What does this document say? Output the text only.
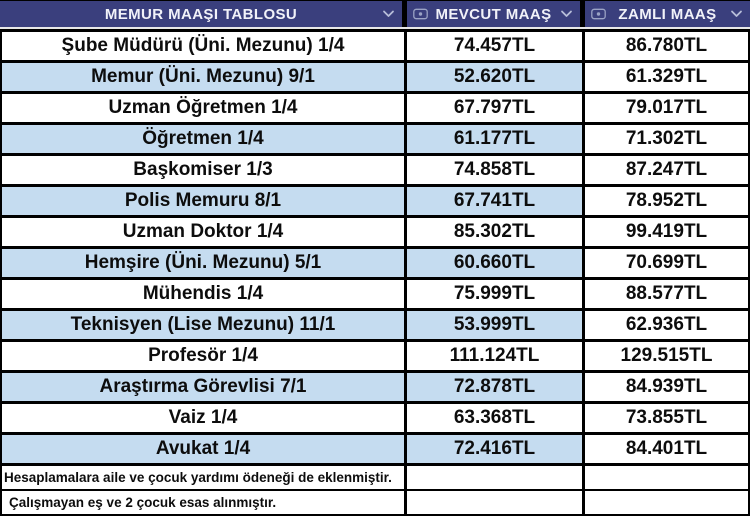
MEMUR MAAŞI TABLOSU	MEVCUT MAAŞ	ZAMLI MAAŞ
Şube Müdürü (Üni. Mezunu) 1/4	74.457TL	86.780TL
Memur (Üni. Mezunu) 9/1	52.620TL	61.329TL
Uzman Öğretmen 1/4	67.797TL	79.017TL
Öğretmen 1/4	61.177TL	71.302TL
Başkomiser 1/3	74.858TL	87.247TL
Polis Memuru 8/1	67.741TL	78.952TL
Uzman Doktor 1/4	85.302TL	99.419TL
Hemşire (Üni. Mezunu) 5/1	60.660TL	70.699TL
Mühendis 1/4	75.999TL	88.577TL
Teknisyen (Lise Mezunu) 11/1	53.999TL	62.936TL
Profesör 1/4	111.124TL	129.515TL
Araştırma Görevlisi 7/1	72.878TL	84.939TL
Vaiz 1/4	63.368TL	73.855TL
Avukat 1/4	72.416TL	84.401TL
Hesaplamalara aile ve çocuk yardımı ödeneği de eklenmiştir.
Çalışmayan eş ve 2 çocuk esas alınmıştır.
